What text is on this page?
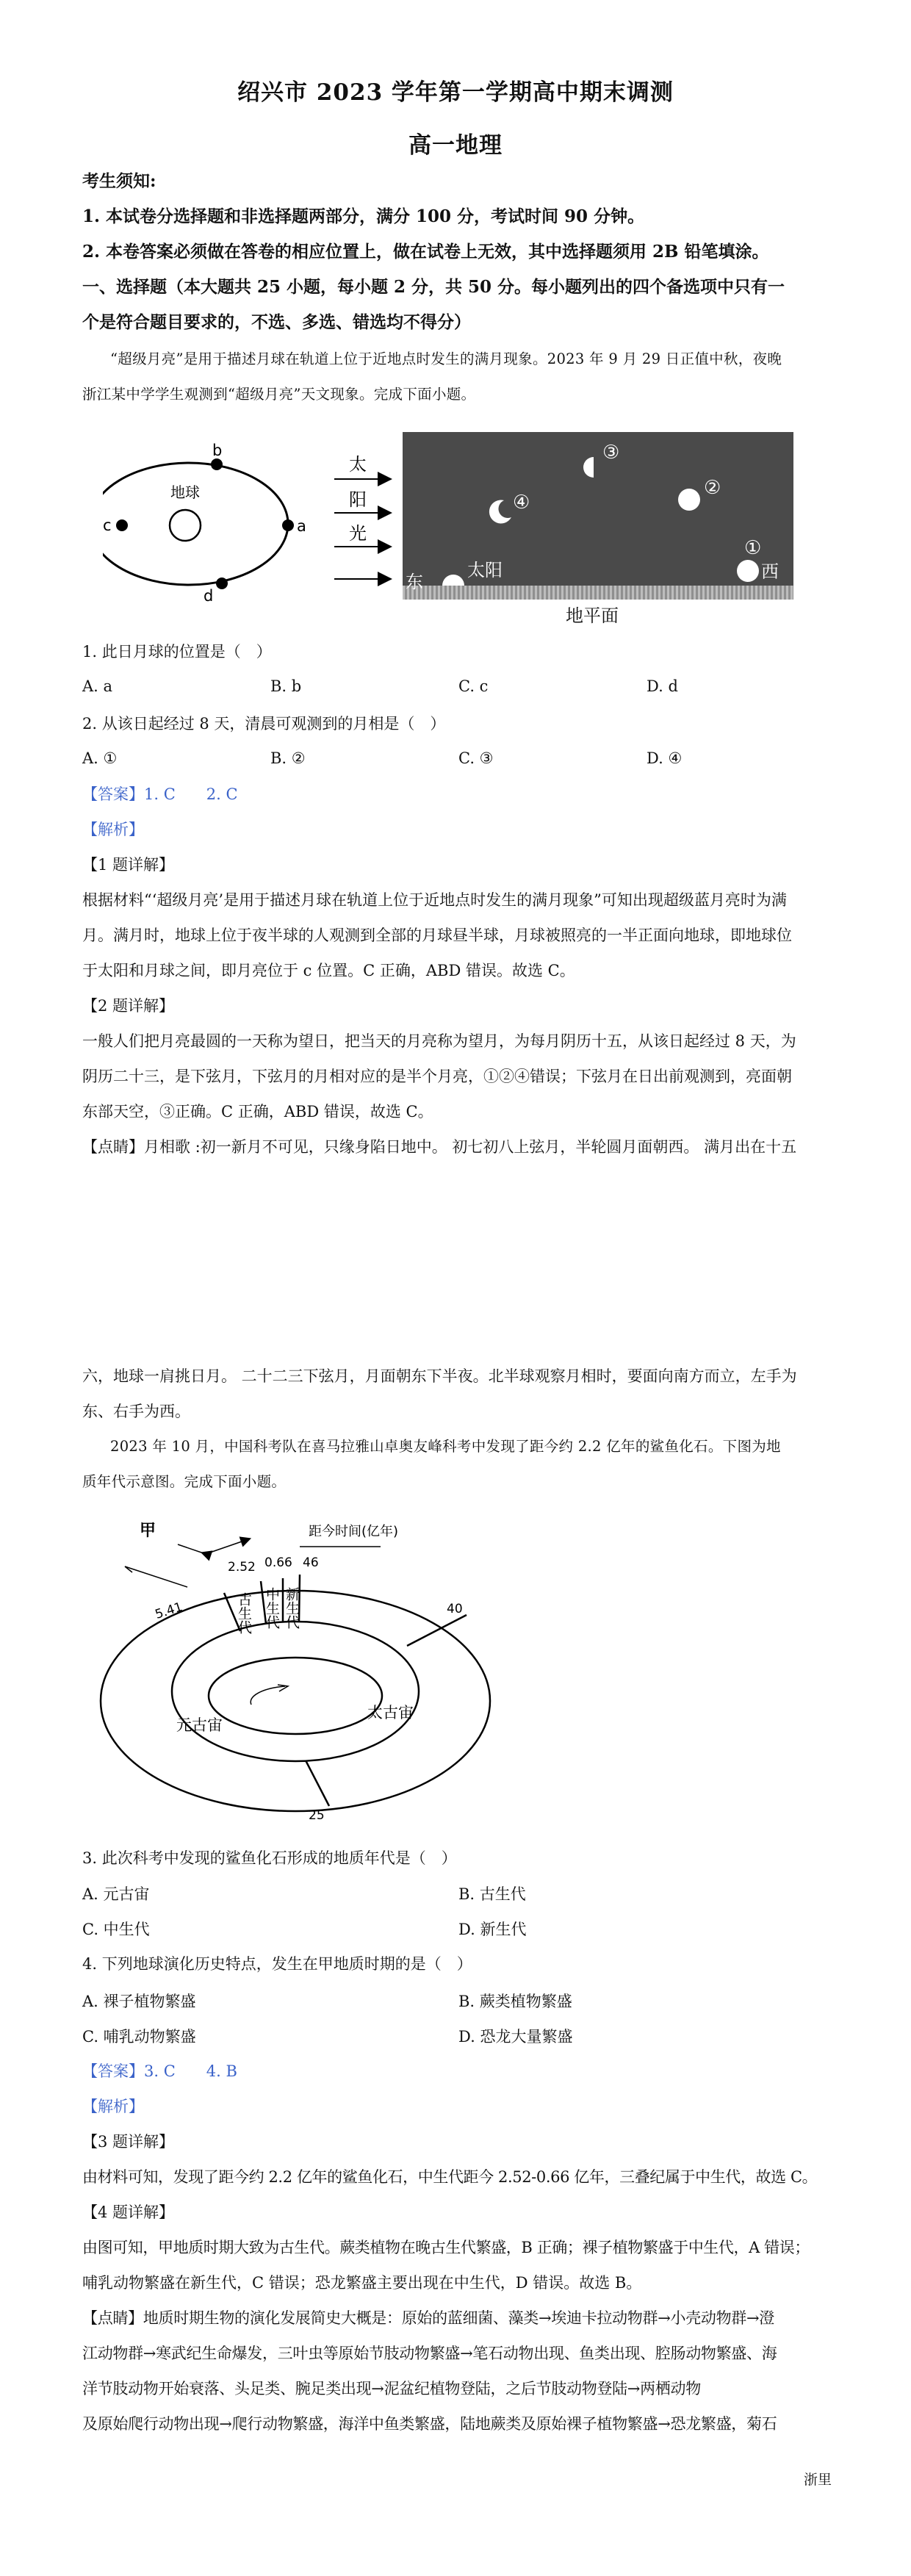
绍兴市 2023 学年第一学期高中期末调测
高一地理
考生须知:
1. 本试卷分选择题和非选择题两部分，满分 100 分，考试时间 90 分钟。
2. 本卷答案必须做在答卷的相应位置上，做在试卷上无效，其中选择题须用 2B 铅笔填涂。
一、选择题（本大题共 25 小题，每小题 2 分，共 50 分。每小题列出的四个备选项中只有一
个是符合题目要求的，不选、多选、错选均不得分）
“超级月亮”是用于描述月球在轨道上位于近地点时发生的满月现象。2023 年 9 月 29 日正值中秋，夜晚
浙江某中学学生观测到“超级月亮”天文现象。完成下面小题。
地球
b
a
d
c
太
阳
光
③
②
④
①
东
太阳	西
地平面
1. 此日月球的位置是（　）
A. a	B. b	C. c	D. d
2. 从该日起经过 8 天，清晨可观测到的月相是（　）
A. ①	B. ②	C. ③	D. ④
【答案】1. C　　2. C
【解析】
【1 题详解】
根据材料“‘超级月亮’是用于描述月球在轨道上位于近地点时发生的满月现象”可知出现超级蓝月亮时为满
月。满月时，地球上位于夜半球的人观测到全部的月球昼半球，月球被照亮的一半正面向地球，即地球位
于太阳和月球之间，即月亮位于 c 位置。C 正确，ABD 错误。故选 C。
【2 题详解】
一般人们把月亮最圆的一天称为望日，把当天的月亮称为望月，为每月阴历十五，从该日起经过 8 天，为
阴历二十三，是下弦月，下弦月的月相对应的是半个月亮，①②④错误；下弦月在日出前观测到，亮面朝
东部天空，③正确。C 正确，ABD 错误，故选 C。
【点睛】月相歌 :初一新月不可见，只缘身陷日地中。 初七初八上弦月，半轮圆月面朝西。 满月出在十五
六，地球一肩挑日月。 二十二三下弦月，月面朝东下半夜。北半球观察月相时，要面向南方而立，左手为
东、右手为西。
2023 年 10 月，中国科考队在喜马拉雅山卓奥友峰科考中发现了距今约 2.2 亿年的鲨鱼化石。下图为地
质年代示意图。完成下面小题。
甲	距今时间(亿年)
5.41
2.52 0.66 46
40
25
古生代 中生代 新生代
元古宙
太古宙
3. 此次科考中发现的鲨鱼化石形成的地质年代是（　）
A. 元古宙	B. 古生代
C. 中生代	D. 新生代
4. 下列地球演化历史特点，发生在甲地质时期的是（　）
A. 裸子植物繁盛	B. 蕨类植物繁盛
C. 哺乳动物繁盛	D. 恐龙大量繁盛
【答案】3. C　　4. B
【解析】
【3 题详解】
由材料可知，发现了距今约 2.2 亿年的鲨鱼化石，中生代距今 2.52-0.66 亿年，三叠纪属于中生代，故选 C。
【4 题详解】
由图可知，甲地质时期大致为古生代。蕨类植物在晚古生代繁盛，B 正确；裸子植物繁盛于中生代，A 错误；
哺乳动物繁盛在新生代，C 错误；恐龙繁盛主要出现在中生代，D 错误。故选 B。
【点睛】地质时期生物的演化发展简史大概是：原始的蓝细菌、藻类→埃迪卡拉动物群→小壳动物群→澄
江动物群→寒武纪生命爆发，三叶虫等原始节肢动物繁盛→笔石动物出现、鱼类出现、腔肠动物繁盛、海
洋节肢动物开始衰落、头足类、腕足类出现→泥盆纪植物登陆，之后节肢动物登陆→两栖动物
及原始爬行动物出现→爬行动物繁盛，海洋中鱼类繁盛，陆地蕨类及原始裸子植物繁盛→恐龙繁盛，菊石
浙里
